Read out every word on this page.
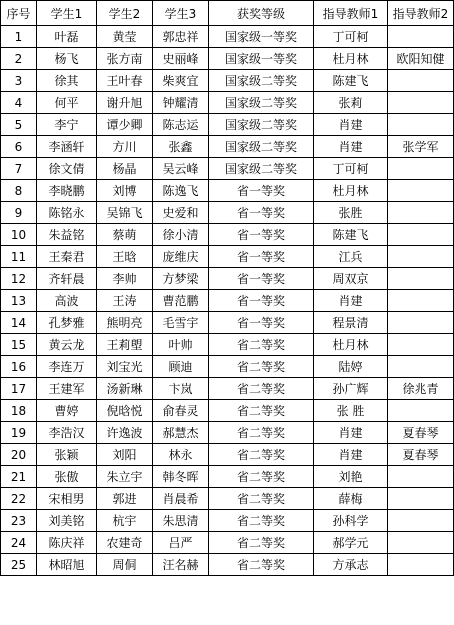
序号	学生1	学生2	学生3	获奖等级	指导教师1	指导教师2
1	叶磊	黄莹	郭忠祥	国家级一等奖	丁可柯	
2	杨飞	张方南	史丽峰	国家级一等奖	杜月林	欧阳知健
3	徐其	王叶春	柴爽宜	国家级二等奖	陈建飞	
4	何平	谢升旭	钟耀清	国家级二等奖	张莉	
5	李宁	谭少卿	陈志运	国家级二等奖	肖建	
6	李涵轩	方川	张鑫	国家级二等奖	肖建	张学军
7	徐文倩	杨晶	吴云峰	国家级二等奖	丁可柯	
8	李晓鹏	刘博	陈逸飞	省一等奖	杜月林	
9	陈铭永	吴锦飞	史爱和	省一等奖	张胜	
10	朱益铭	蔡萌	徐小清	省一等奖	陈建飞	
11	王秦君	王晗	庞维庆	省一等奖	江兵	
12	齐轩晨	李帅	方梦梁	省一等奖	周双京	
13	高波	王涛	曹范鹏	省一等奖	肖建	
14	孔梦雅	熊明亮	毛雪宇	省一等奖	程景清	
15	黄云龙	王莉塱	叶帅	省二等奖	杜月林	
16	李连万	刘宝光	顾迪	省二等奖	陆婷	
17	王建军	汤新琳	卞岚	省二等奖	孙广辉	徐兆青
18	曹婷	倪晗悦	俞春灵	省二等奖	张 胜	
19	李浩汉	许逸波	郝慧杰	省二等奖	肖建	夏春琴
20	张颖	刘阳	林永	省二等奖	肖建	夏春琴
21	张傲	朱立宇	韩冬晖	省二等奖	刘艳	
22	宋相男	郭进	肖晨希	省二等奖	薛梅	
23	刘美铭	杭宇	朱思清	省二等奖	孙科学	
24	陈庆祥	农建奇	吕严	省二等奖	郝学元	
25	林昭旭	周侗	汪名赫	省二等奖	方承志	
